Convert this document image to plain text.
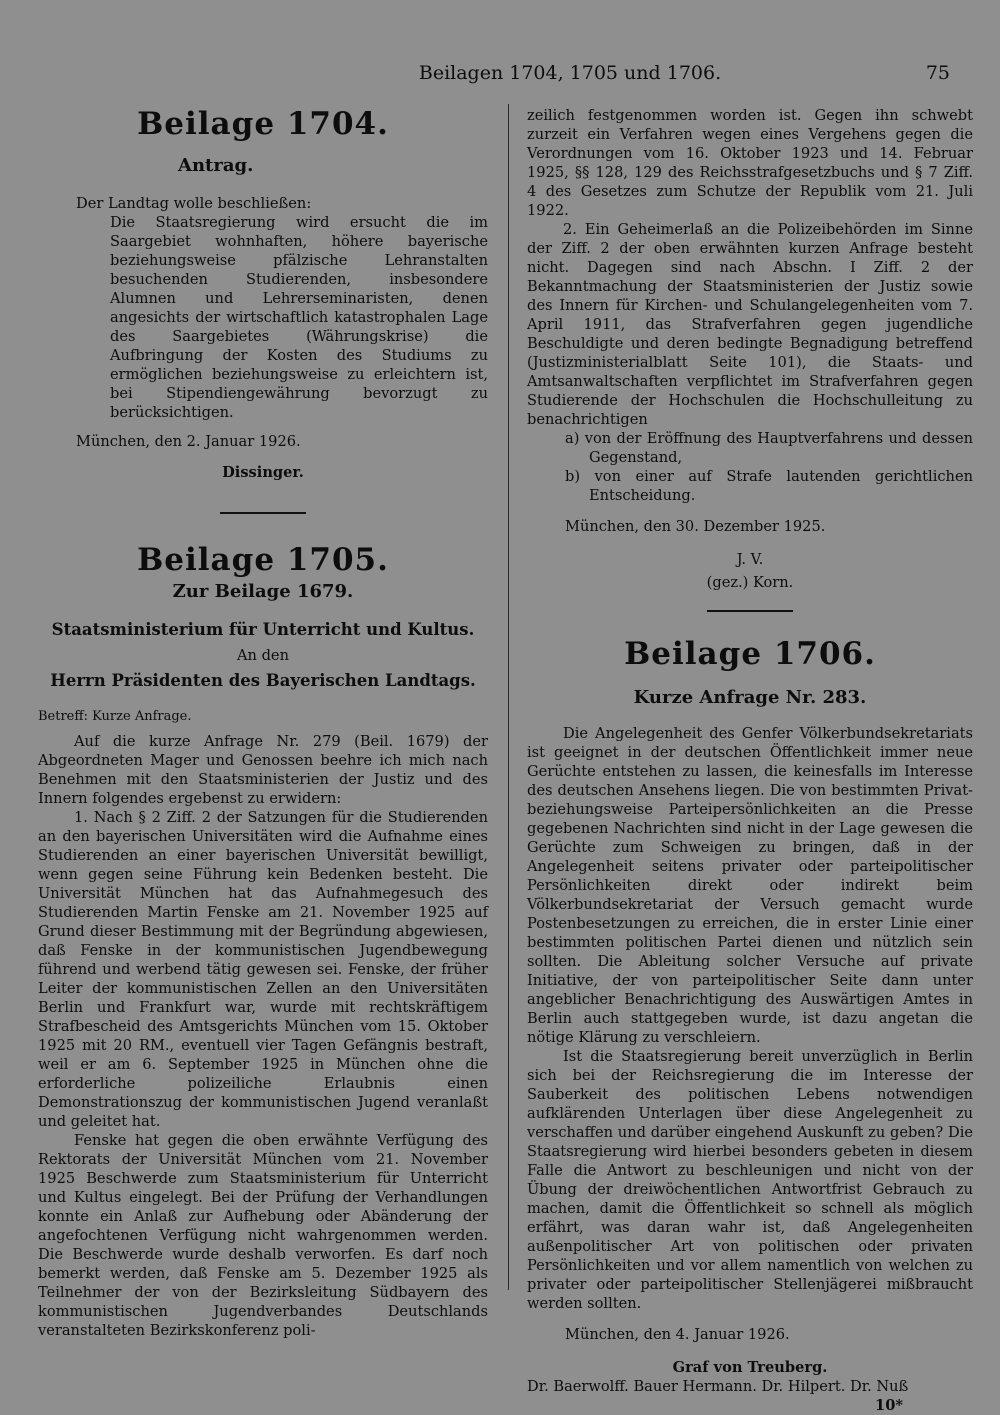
Beilagen 1704, 1705 und 1706.	75
Beilage 1704.
Antrag.

Der Landtag wolle beschließen:

Die Staatsregierung wird ersucht die im Saargebiet wohnhaften, höhere bayerische beziehungsweise pfälzische Lehranstalten besuchenden Studierenden, insbesondere Alumnen und Lehrerseminaristen, denen angesichts der wirtschaftlich katastrophalen Lage des Saargebietes (Währungskrise) die Aufbringung der Kosten des Studiums zu ermöglichen beziehungsweise zu erleichtern ist, bei Stipendiengewährung bevorzugt zu berücksichtigen.

München, den 2. Januar 1926.

Dissinger.

Beilage 1705.
Zur Beilage 1679.
Staatsministerium für Unterricht und Kultus.

An den

Herrn Präsidenten des Bayerischen Landtags.

Betreff: Kurze Anfrage.

Auf die kurze Anfrage Nr. 279 (Beil. 1679) der Abgeordneten Mager und Genossen beehre ich mich nach Benehmen mit den Staatsministerien der Justiz und des Innern folgendes ergebenst zu erwidern:

1. Nach § 2 Ziff. 2 der Satzungen für die Studierenden an den bayerischen Universitäten wird die Aufnahme eines Studierenden an einer bayerischen Universität bewilligt, wenn gegen seine Führung kein Bedenken besteht. Die Universität München hat das Aufnahmegesuch des Studierenden Martin Fenske am 21. November 1925 auf Grund dieser Bestimmung mit der Begründung abgewiesen, daß Fenske in der kommunistischen Jugendbewegung führend und werbend tätig gewesen sei. Fenske, der früher Leiter der kommunistischen Zellen an den Universitäten Berlin und Frankfurt war, wurde mit rechtskräftigem Strafbescheid des Amtsgerichts München vom 15. Oktober 1925 mit 20 RM., eventuell vier Tagen Gefängnis bestraft, weil er am 6. September 1925 in München ohne die erforderliche polizeiliche Erlaubnis einen Demonstrationszug der kommunistischen Jugend veranlaßt und geleitet hat.

Fenske hat gegen die oben erwähnte Verfügung des Rektorats der Universität München vom 21. November 1925 Beschwerde zum Staatsministerium für Unterricht und Kultus eingelegt. Bei der Prüfung der Verhandlungen konnte ein Anlaß zur Aufhebung oder Abänderung der angefochtenen Verfügung nicht wahrgenommen werden. Die Beschwerde wurde deshalb verworfen. Es darf noch bemerkt werden, daß Fenske am 5. Dezember 1925 als Teilnehmer der von der Bezirksleitung Südbayern des kommunistischen Jugendverbandes Deutschlands veranstalteten Bezirkskonferenz poli-

zeilich festgenommen worden ist. Gegen ihn schwebt zurzeit ein Verfahren wegen eines Vergehens gegen die Verordnungen vom 16. Oktober 1923 und 14. Februar 1925, §§ 128, 129 des Reichsstrafgesetzbuchs und § 7 Ziff. 4 des Gesetzes zum Schutze der Republik vom 21. Juli 1922.

2. Ein Geheimerlaß an die Polizeibehörden im Sinne der Ziff. 2 der oben erwähnten kurzen Anfrage besteht nicht. Dagegen sind nach Abschn. I Ziff. 2 der Bekanntmachung der Staatsministerien der Justiz sowie des Innern für Kirchen- und Schulangelegenheiten vom 7. April 1911, das Strafverfahren gegen jugendliche Beschuldigte und deren bedingte Begnadigung betreffend (Justizministerialblatt Seite 101), die Staats- und Amtsanwaltschaften verpflichtet im Strafverfahren gegen Studierende der Hochschulen die Hochschulleitung zu benachrichtigen

a) von der Eröffnung des Hauptverfahrens und dessen Gegenstand,

b) von einer auf Strafe lautenden gerichtlichen Entscheidung.

München, den 30. Dezember 1925.

J. V.

(gez.) Korn.

Beilage 1706.
Kurze Anfrage Nr. 283.

Die Angelegenheit des Genfer Völkerbundsekretariats ist geeignet in der deutschen Öffentlichkeit immer neue Gerüchte entstehen zu lassen, die keinesfalls im Interesse des deutschen Ansehens liegen. Die von bestimmten Privat- beziehungsweise Parteipersönlichkeiten an die Presse gegebenen Nachrichten sind nicht in der Lage gewesen die Gerüchte zum Schweigen zu bringen, daß in der Angelegenheit seitens privater oder parteipolitischer Persönlichkeiten direkt oder indirekt beim Völkerbundsekretariat der Versuch gemacht wurde Postenbesetzungen zu erreichen, die in erster Linie einer bestimmten politischen Partei dienen und nützlich sein sollten. Die Ableitung solcher Versuche auf private Initiative, der von parteipolitischer Seite dann unter angeblicher Benachrichtigung des Auswärtigen Amtes in Berlin auch stattgegeben wurde, ist dazu angetan die nötige Klärung zu verschleiern.

Ist die Staatsregierung bereit unverzüglich in Berlin sich bei der Reichsregierung die im Interesse der Sauberkeit des politischen Lebens notwendigen aufklärenden Unterlagen über diese Angelegenheit zu verschaffen und darüber eingehend Auskunft zu geben? Die Staatsregierung wird hierbei besonders gebeten in diesem Falle die Antwort zu beschleunigen und nicht von der Übung der dreiwöchentlichen Antwortfrist Gebrauch zu machen, damit die Öffentlichkeit so schnell als möglich erfährt, was daran wahr ist, daß Angelegenheiten außenpolitischer Art von politischen oder privaten Persönlichkeiten und vor allem namentlich von welchen zu privater oder parteipolitischer Stellenjägerei mißbraucht werden sollten.

München, den 4. Januar 1926.

Graf von Treuberg.

Dr. Baerwolff. Bauer Hermann. Dr. Hilpert. Dr. Nuß

10*
